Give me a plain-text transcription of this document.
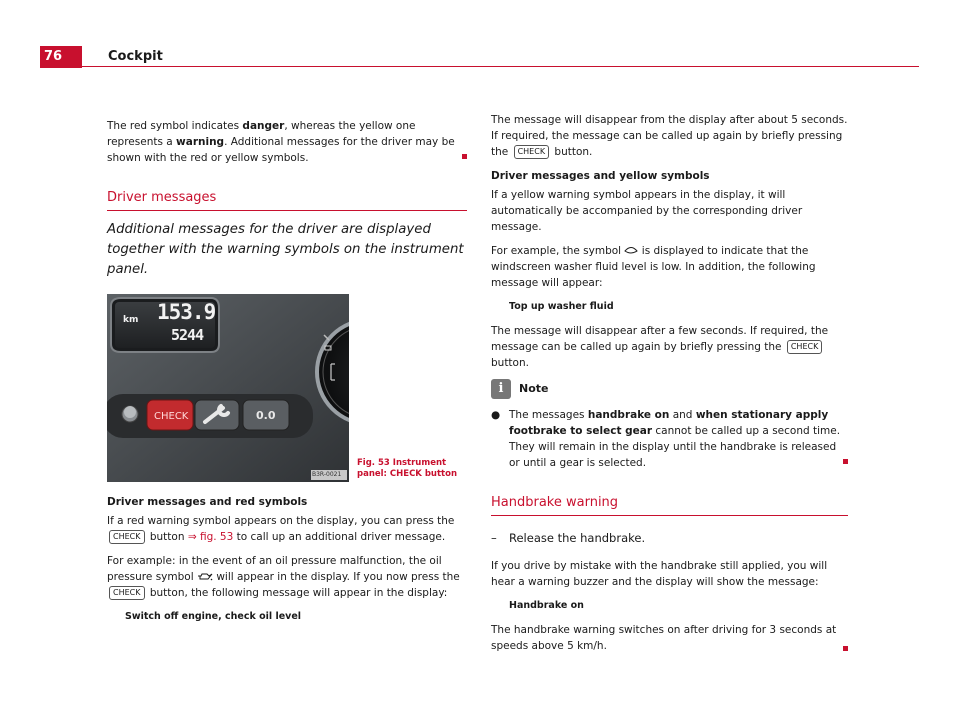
76	Cockpit

The red symbol indicates danger, whereas the yellow one represents a warning. Additional messages for the driver may be shown with the red or yellow symbols.

Driver messages
Additional messages for the driver are displayed together with the warning symbols on the instrument panel.
km 153.9
5244
CHECK	0.0
B3R-0021
Fig. 53 Instrument panel: CHECK button
Driver messages and red symbols

If a red warning symbol appears on the display, you can press the CHECK button ⇒ fig. 53 to call up an additional driver message.

For example: in the event of an oil pressure malfunction, the oil pressure symbol will appear in the display. If you now press the CHECK button, the following message will appear in the display:

Switch off engine, check oil level

The message will disappear from the display after about 5 seconds. If required, the message can be called up again by briefly pressing the CHECK button.

Driver messages and yellow symbols

If a yellow warning symbol appears in the display, it will automatically be accompanied by the corresponding driver message.

For example, the symbol is displayed to indicate that the windscreen washer fluid level is low. In addition, the following message will appear:

Top up washer fluid

The message will disappear after a few seconds. If required, the message can be called up again by briefly pressing the CHECK button.

i	Note
● The messages handbrake on and when stationary apply footbrake to select gear cannot be called up a second time. They will remain in the display until the handbrake is released or until a gear is selected.
Handbrake warning
–	Release the handbrake.

If you drive by mistake with the handbrake still applied, you will hear a warning buzzer and the display will show the message:

Handbrake on

The handbrake warning switches on after driving for 3 seconds at speeds above 5 km/h.
